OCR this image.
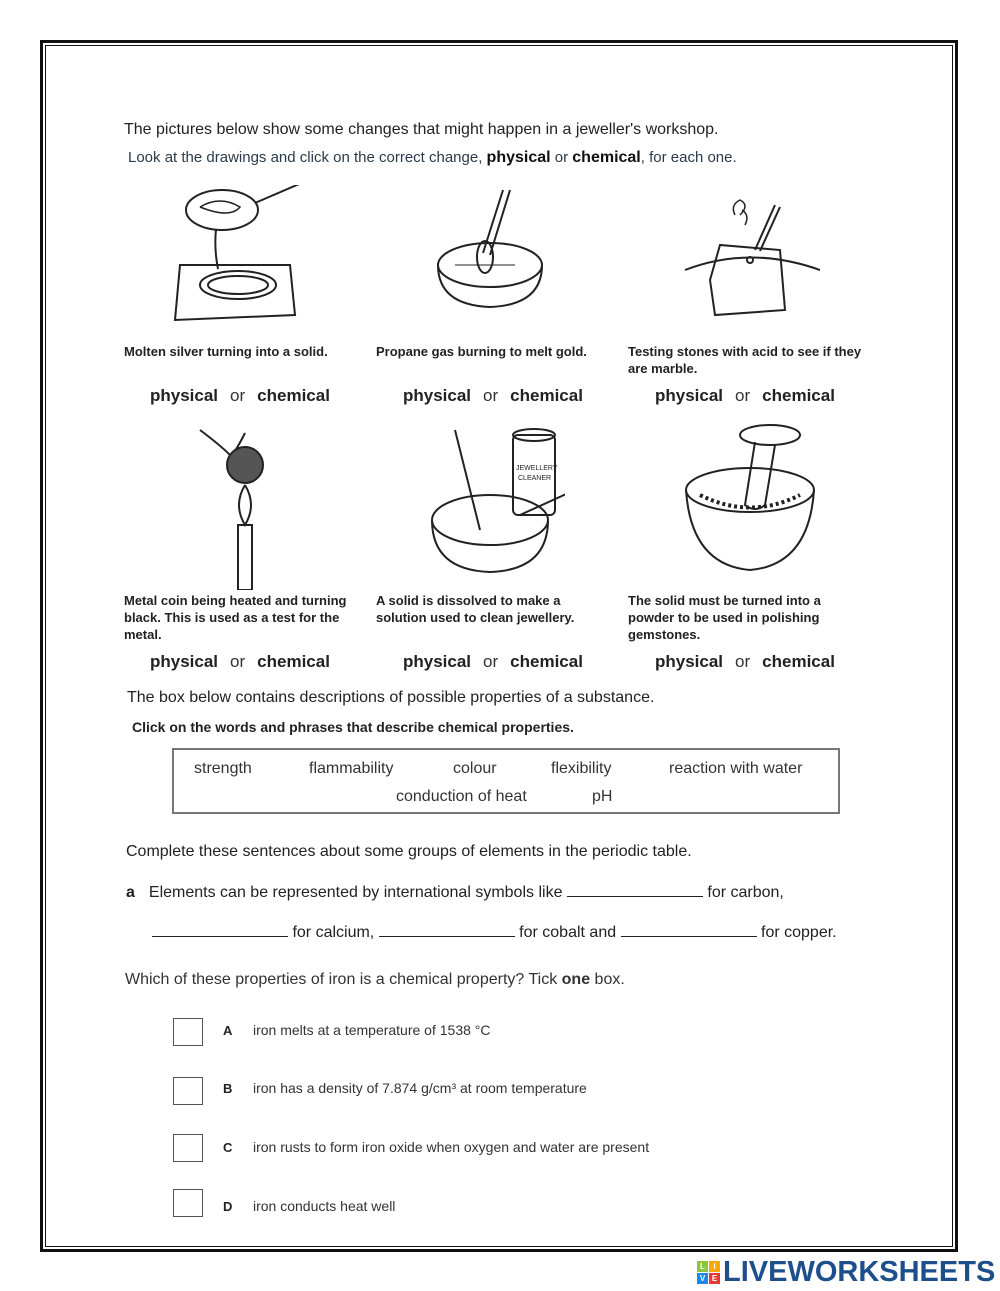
The pictures below show some changes that might happen in a jeweller's workshop.
Look at the drawings and click on the correct change, physical or chemical, for each one.
Molten silver turning into a solid.	Propane gas burning to melt gold.	Testing stones with acid to see if they are marble.
physical or chemical	physical or chemical	physical or chemical
JEWELLERY
CLEANER
Metal coin being heated and turning black. This is used as a test for the metal.
A solid is dissolved to make a solution used to clean jewellery.
The solid must be turned into a powder to be used in polishing gemstones.
physical or chemical	physical or chemical	physical or chemical
The box below contains descriptions of possible properties of a substance.
Click on the words and phrases that describe chemical properties.
strength	flammability	colour	flexibility	reaction with water
conduction of heat	pH
Complete these sentences about some groups of elements in the periodic table.
a Elements can be represented by international symbols like	for carbon,
for calcium,	for cobalt and	for copper.
Which of these properties of iron is a chemical property? Tick one box.
A iron melts at a temperature of 1538 °C
B iron has a density of 7.874 g/cm³ at room temperature
C iron rusts to form iron oxide when oxygen and water are present
D iron conducts heat well
L	I
V E LIVEWORKSHEETS
